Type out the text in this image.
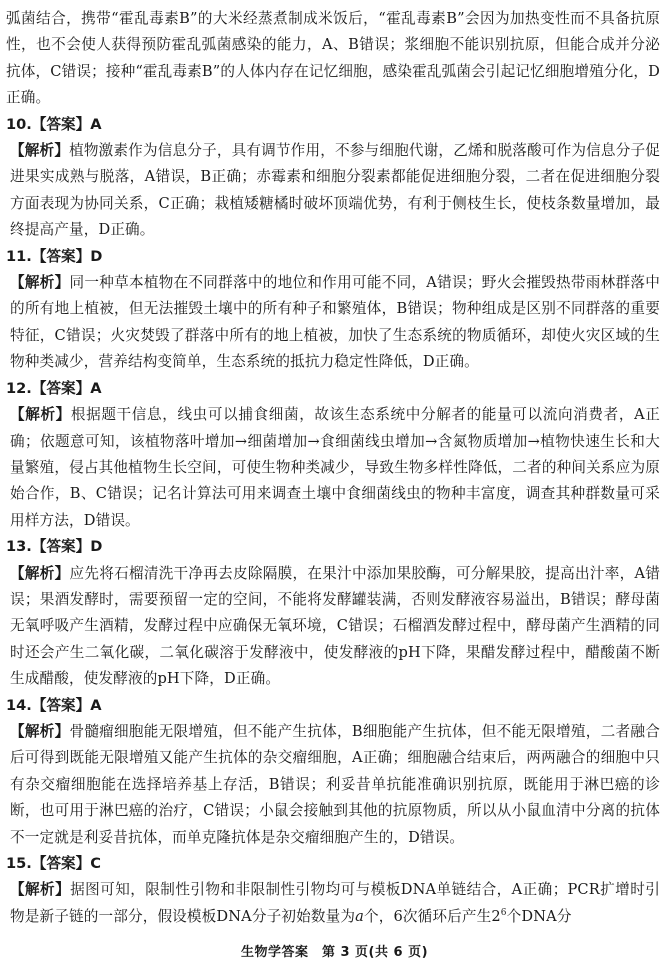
弧菌结合，携带“霍乱毒素B”的大米经蒸煮制成米饭后，“霍乱毒素B”会因为加热变性而不具备抗原性，也不会使人获得预防霍乱弧菌感染的能力，A、B错误；浆细胞不能识别抗原，但能合成并分泌抗体，C错误；接种“霍乱毒素B”的人体内存在记忆细胞，感染霍乱弧菌会引起记忆细胞增殖分化，D正确。

10.【答案】A

【解析】植物激素作为信息分子，具有调节作用，不参与细胞代谢，乙烯和脱落酸可作为信息分子促进果实成熟与脱落，A错误，B正确；赤霉素和细胞分裂素都能促进细胞分裂，二者在促进细胞分裂方面表现为协同关系，C正确；栽植矮糖橘时破坏顶端优势，有利于侧枝生长，使枝条数量增加，最终提高产量，D正确。

11.【答案】D

【解析】同一种草本植物在不同群落中的地位和作用可能不同，A错误；野火会摧毁热带雨林群落中的所有地上植被，但无法摧毁土壤中的所有种子和繁殖体，B错误；物种组成是区别不同群落的重要特征，C错误；火灾焚毁了群落中所有的地上植被，加快了生态系统的物质循环，却使火灾区域的生物种类减少，营养结构变简单，生态系统的抵抗力稳定性降低，D正确。

12.【答案】A

【解析】根据题干信息，线虫可以捕食细菌，故该生态系统中分解者的能量可以流向消费者，A正确；依题意可知，该植物落叶增加→细菌增加→食细菌线虫增加→含氮物质增加→植物快速生长和大量繁殖，侵占其他植物生长空间，可使生物种类减少，导致生物多样性降低，二者的种间关系应为原始合作，B、C错误；记名计算法可用来调查土壤中食细菌线虫的物种丰富度，调查其种群数量可采用样方法，D错误。

13.【答案】D

【解析】应先将石榴清洗干净再去皮除隔膜，在果汁中添加果胶酶，可分解果胶，提高出汁率，A错误；果酒发酵时，需要预留一定的空间，不能将发酵罐装满，否则发酵液容易溢出，B错误；酵母菌无氧呼吸产生酒精，发酵过程中应确保无氧环境，C错误；石榴酒发酵过程中，酵母菌产生酒精的同时还会产生二氧化碳，二氧化碳溶于发酵液中，使发酵液的pH下降，果醋发酵过程中，醋酸菌不断生成醋酸，使发酵液的pH下降，D正确。

14.【答案】A

【解析】骨髓瘤细胞能无限增殖，但不能产生抗体，B细胞能产生抗体，但不能无限增殖，二者融合后可得到既能无限增殖又能产生抗体的杂交瘤细胞，A正确；细胞融合结束后，两两融合的细胞中只有杂交瘤细胞能在选择培养基上存活，B错误；利妥昔单抗能准确识别抗原，既能用于淋巴癌的诊断，也可用于淋巴癌的治疗，C错误；小鼠会接触到其他的抗原物质，所以从小鼠血清中分离的抗体不一定就是利妥昔抗体，而单克隆抗体是杂交瘤细胞产生的，D错误。

15.【答案】C

【解析】据图可知，限制性引物和非限制性引物均可与模板DNA单链结合，A正确；PCR扩增时引物是新子链的一部分，假设模板DNA分子初始数量为a个，6次循环后产生$2^6$个DNA分

生物学答案　第 3 页(共 6 页)
